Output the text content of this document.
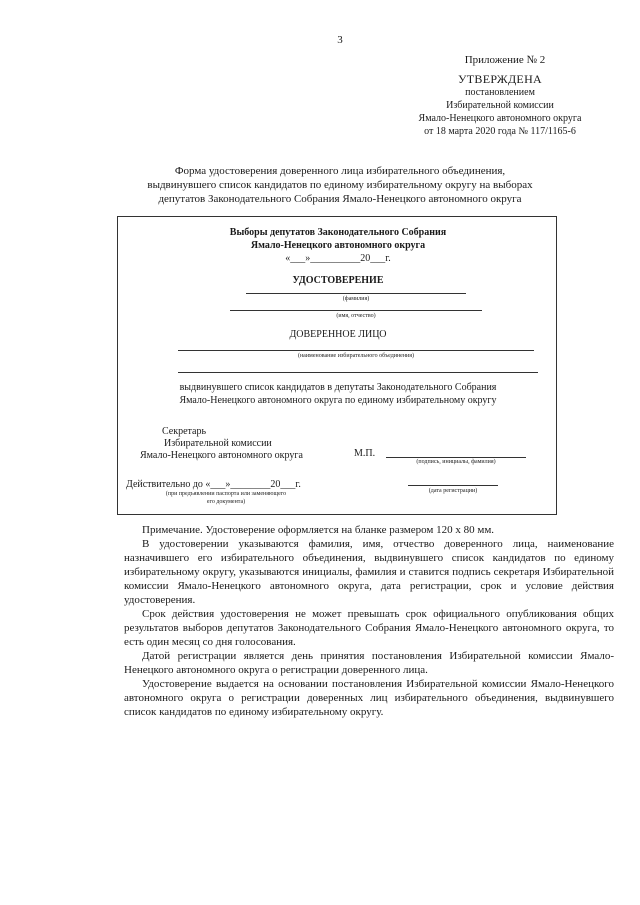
3
Приложение № 2
УТВЕРЖДЕНА
постановлением
Избирательной комиссии
Ямало-Ненецкого автономного округа
от 18 марта 2020 года № 117/1165-6
Форма удостоверения доверенного лица избирательного объединения,
выдвинувшего список кандидатов по единому избирательному округу на выборах
депутатов Законодательного Собрания Ямало-Ненецкого автономного округа
Выборы депутатов Законодательного Собрания
Ямало-Ненецкого автономного округа
«___»__________20___г.
УДОСТОВЕРЕНИЕ
(фамилия)
(имя, отчество)
ДОВЕРЕННОЕ ЛИЦО
(наименование избирательного объединения)
выдвинувшего список кандидатов в депутаты Законодательного Собрания
Ямало-Ненецкого автономного округа по единому избирательному округу
Секретарь
Избирательной комиссии
Ямало-Ненецкого автономного округа	М.П.
(подпись, инициалы, фамилия)
Действительно до «___»________20___г.
(при предъявлении паспорта или заменяющего
его документа)
(дата регистрации)

Примечание. Удостоверение оформляется на бланке размером 120 х 80 мм.

В удостоверении указываются фамилия, имя, отчество доверенного лица, наименование назначившего его избирательного объединения, выдвинувшего список кандидатов по единому избирательному округу, указываются инициалы, фамилия и ставится подпись секретаря Избирательной комиссии Ямало-Ненецкого автономного округа, дата регистрации, срок и условие действия удостоверения.

Срок действия удостоверения не может превышать срок официального опубликования общих результатов выборов депутатов Законодательного Собрания Ямало-Ненецкого автономного округа, то есть один месяц со дня голосования.

Датой регистрации является день принятия постановления Избирательной комиссии Ямало-Ненецкого автономного округа о регистрации доверенного лица.

Удостоверение выдается на основании постановления Избирательной комиссии Ямало-Ненецкого автономного округа о регистрации доверенных лиц избирательного объединения, выдвинувшего список кандидатов по единому избирательному округу.
